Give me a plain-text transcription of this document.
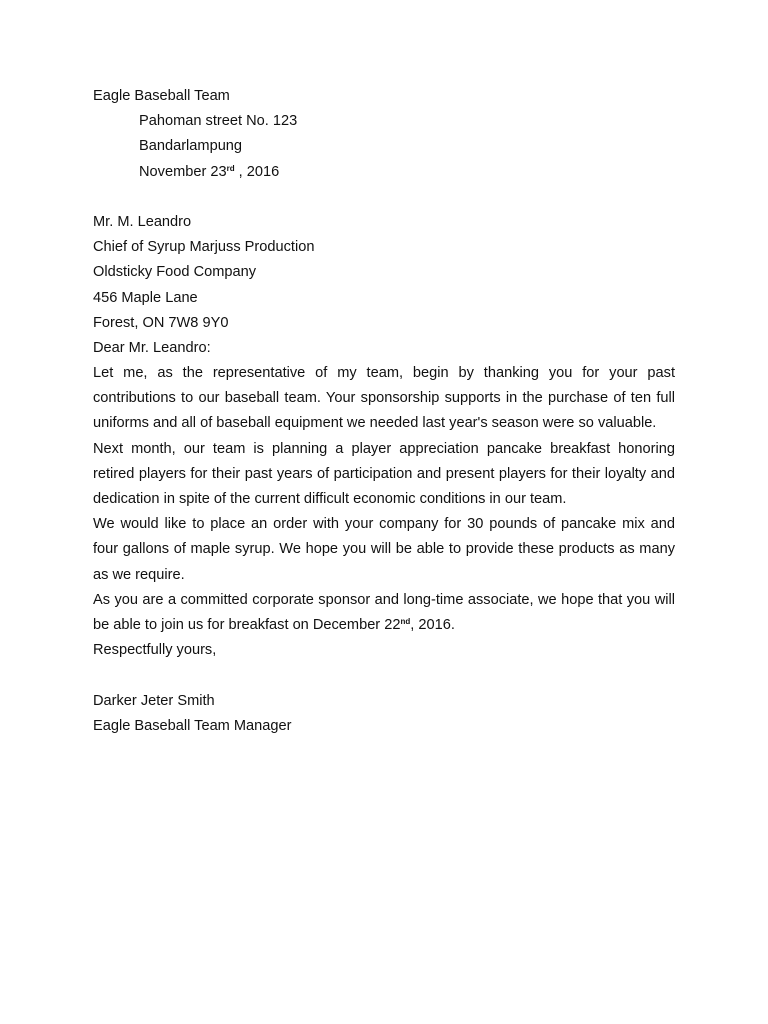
Eagle Baseball Team
Pahoman street No. 123
Bandarlampung
November 23rd , 2016
Mr. M. Leandro
Chief of Syrup Marjuss Production
Oldsticky Food Company
456 Maple Lane
Forest, ON 7W8 9Y0
Dear Mr. Leandro:
Let me, as the representative of my team, begin by thanking you for your past contributions to our baseball team. Your sponsorship supports in the purchase of ten full uniforms and all of baseball equipment we needed last year's season were so valuable.
Next month, our team is planning a player appreciation pancake breakfast honoring retired players for their past years of participation and present players for their loyalty and dedication in spite of the current difficult economic conditions in our team.
We would like to place an order with your company for 30 pounds of pancake mix and four gallons of maple syrup. We hope you will be able to provide these products as many as we require.
As you are a committed corporate sponsor and long-time associate, we hope that you will be able to join us for breakfast on December 22nd, 2016.
Respectfully yours,
Darker Jeter Smith
Eagle Baseball Team Manager
